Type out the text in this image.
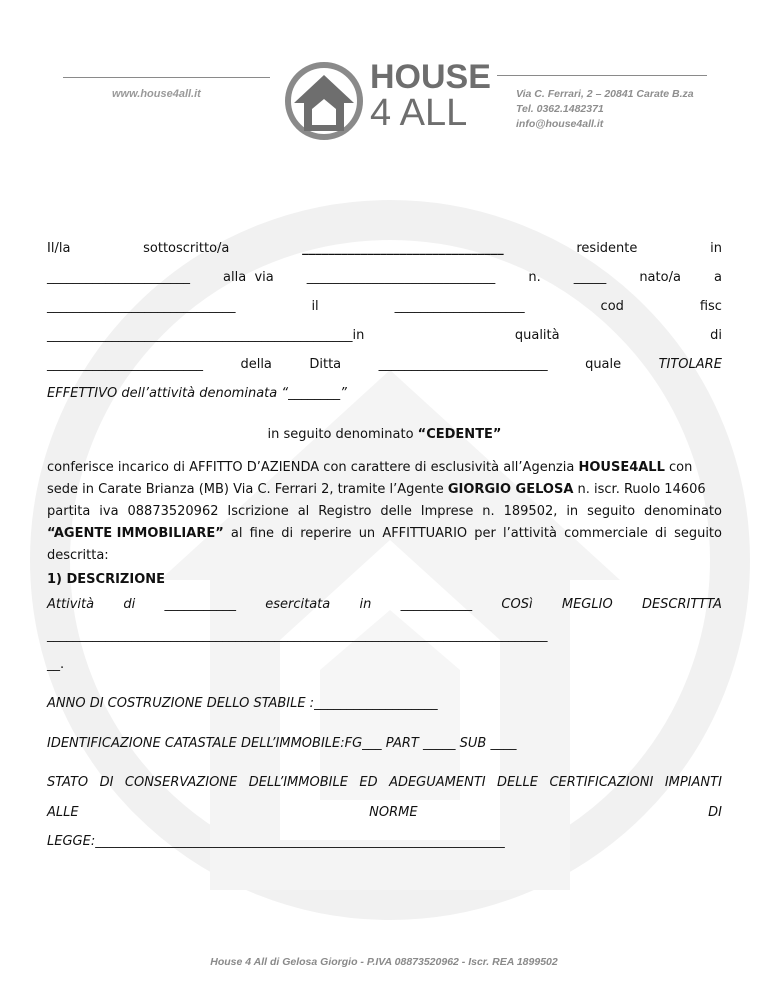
www.house4all.it	HOUSE
4 ALL	Via C. Ferrari, 2 – 20841 Carate B.za
Tel. 0362.1482371
info@house4all.it
Il/la	sottoscritto/a	_______________________________	residente	in
______________________	alla  via	_____________________________	n.	_____	nato/a	a
_____________________________	il	____________________	cod	fisc
_______________________________________________in	qualità	di
________________________	della	Ditta	__________________________	quale	TITOLARE
EFFETTIVO dell’attività denominata “________”
in seguito denominato “CEDENTE”
conferisce incarico di AFFITTO D’AZIENDA con carattere di esclusività all’Agenzia HOUSE4ALL con
sede in Carate Brianza (MB) Via C. Ferrari 2, tramite l’Agente GIORGIO GELOSA n. iscr. Ruolo 14606
partita iva 08873520962 Iscrizione al Registro delle Imprese n. 189502, in seguito denominato
“AGENTE IMMOBILIARE” al fine di reperire un AFFITTUARIO per l’attività commerciale di seguito
descritta:
1) DESCRIZIONE
Attività di ___________ esercitata in ___________ COSì MEGLIO DESCRITTTA
_____________________________________________________________________________
__.
ANNO DI COSTRUZIONE DELLO STABILE :___________________
IDENTIFICAZIONE CATASTALE DELL’IMMOBILE:FG___ PART _____ SUB ____
STATO DI CONSERVAZIONE DELL’IMMOBILE ED ADEGUAMENTI DELLE CERTIFICAZIONI IMPIANTI
ALLE	NORME	DI
LEGGE:_______________________________________________________________
House 4 All di Gelosa Giorgio - P.IVA 08873520962 - Iscr. REA 1899502
